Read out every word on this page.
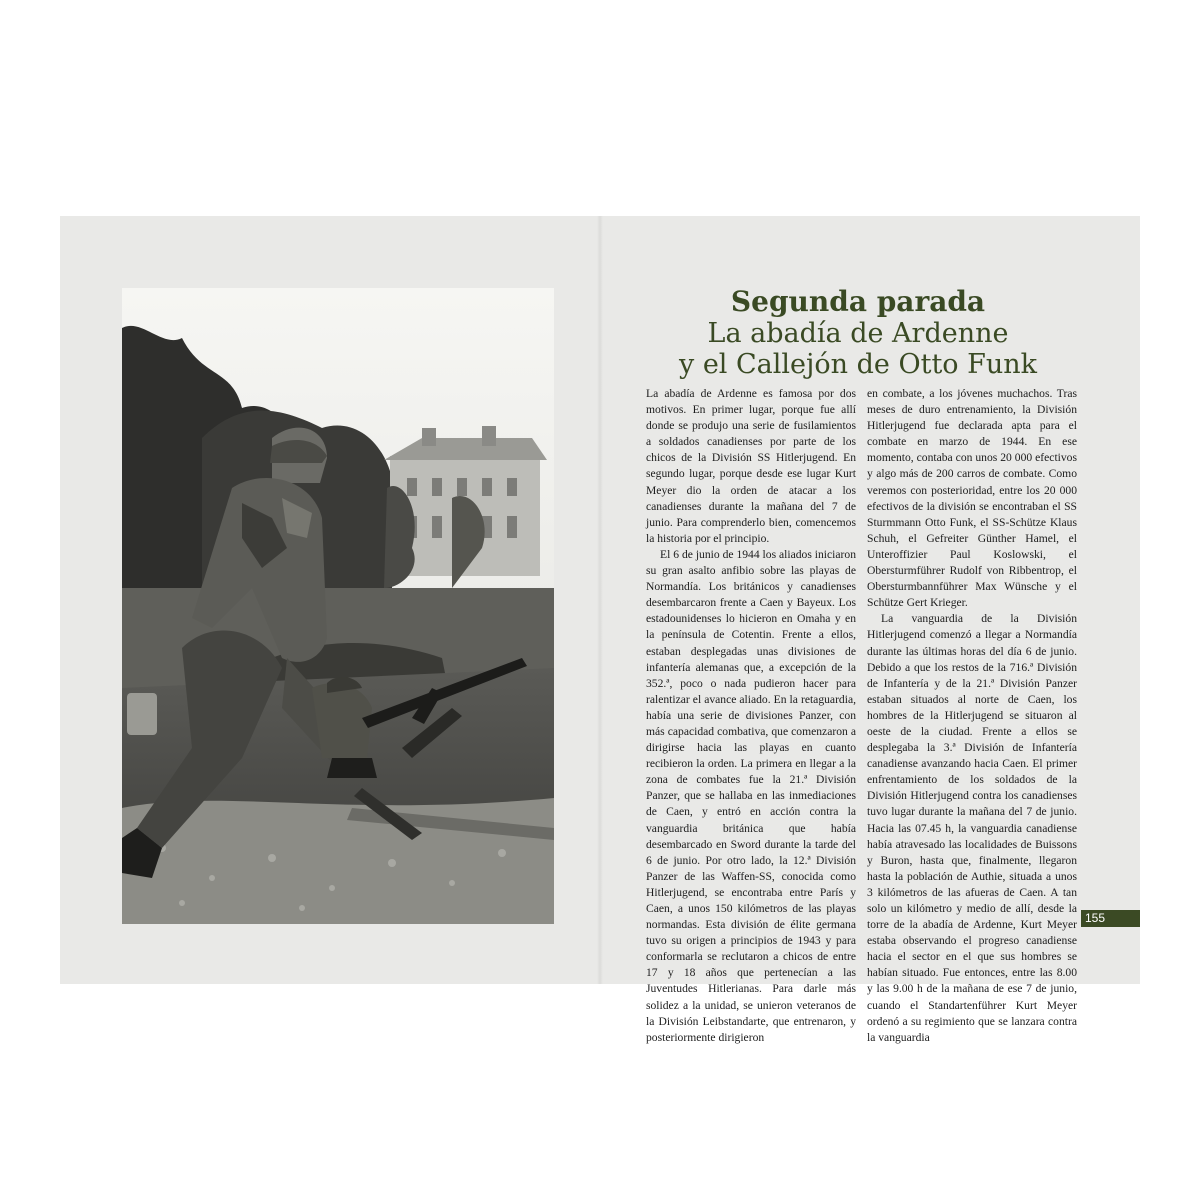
Segunda parada
La abadía de Ardenne
y el Callejón de Otto Funk

La abadía de Ardenne es famosa por dos motivos. En primer lugar, porque fue allí donde se produjo una serie de fusilamientos a soldados canadienses por parte de los chicos de la División SS Hitlerjugend. En segundo lugar, porque desde ese lugar Kurt Meyer dio la orden de atacar a los canadienses durante la mañana del 7 de junio. Para comprenderlo bien, comencemos la historia por el principio.

El 6 de junio de 1944 los aliados iniciaron su gran asalto anfibio sobre las playas de Normandía. Los británicos y canadienses desembarcaron frente a Caen y Bayeux. Los estadounidenses lo hicieron en Omaha y en la península de Cotentin. Frente a ellos, estaban desplegadas unas divisiones de infantería alemanas que, a excepción de la 352.ª, poco o nada pudieron hacer para ralentizar el avance aliado. En la retaguardia, había una serie de divisiones Panzer, con más capacidad combativa, que comenzaron a dirigirse hacia las playas en cuanto recibieron la orden. La primera en llegar a la zona de combates fue la 21.ª División Panzer, que se hallaba en las inmediaciones de Caen, y entró en acción contra la vanguardia británica que había desembarcado en Sword durante la tarde del 6 de junio. Por otro lado, la 12.ª División Panzer de las Waffen-SS, conocida como Hitlerjugend, se encontraba entre París y Caen, a unos 150 kilómetros de las playas normandas. Esta división de élite germana tuvo su origen a principios de 1943 y para conformarla se reclutaron a chicos de entre 17 y 18 años que pertenecían a las Juventudes Hitlerianas. Para darle más solidez a la unidad, se unieron veteranos de la División Leibstandarte, que entrenaron, y posteriormente dirigieron

en combate, a los jóvenes muchachos. Tras meses de duro entrenamiento, la División Hitlerjugend fue declarada apta para el combate en marzo de 1944. En ese momento, contaba con unos 20 000 efectivos y algo más de 200 carros de combate. Como veremos con posterioridad, entre los 20 000 efectivos de la división se encontraban el SS Sturmmann Otto Funk, el SS-Schütze Klaus Schuh, el Gefreiter Günther Hamel, el Unteroffizier Paul Koslowski, el Obersturmführer Rudolf von Ribbentrop, el Obersturmbannführer Max Wünsche y el Schütze Gert Krieger.

La vanguardia de la División Hitlerjugend comenzó a llegar a Normandía durante las últimas horas del día 6 de junio. Debido a que los restos de la 716.ª División de Infantería y de la 21.ª División Panzer estaban situados al norte de Caen, los hombres de la Hitlerjugend se situaron al oeste de la ciudad. Frente a ellos se desplegaba la 3.ª División de Infantería canadiense avanzando hacia Caen. El primer enfrentamiento de los soldados de la División Hitlerjugend contra los canadienses tuvo lugar durante la mañana del 7 de junio. Hacia las 07.45 h, la vanguardia canadiense había atravesado las localidades de Buissons y Buron, hasta que, finalmente, llegaron hasta la población de Authie, situada a unos 3 kilómetros de las afueras de Caen. A tan solo un kilómetro y medio de allí, desde la torre de la abadía de Ardenne, Kurt Meyer estaba observando el progreso canadiense hacia el sector en el que sus hombres se habían situado. Fue entonces, entre las 8.00 y las 9.00 h de la mañana de ese 7 de junio, cuando el Standartenführer Kurt Meyer ordenó a su regimiento que se lanzara contra la vanguardia

155
